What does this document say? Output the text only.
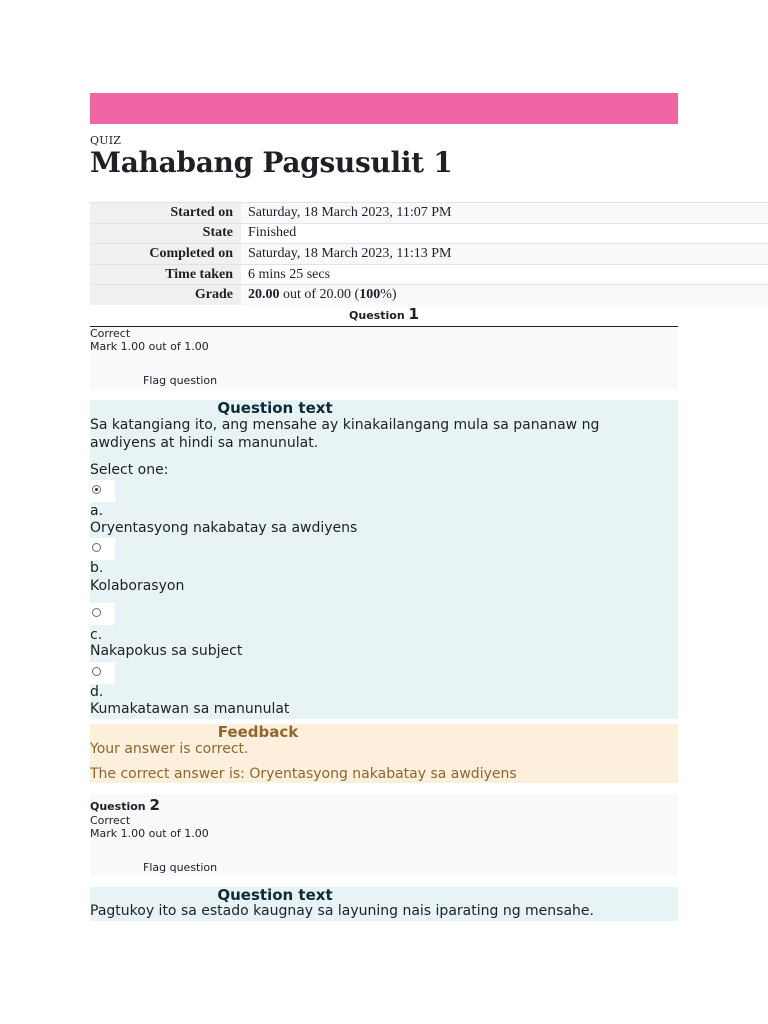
QUIZ
Mahabang Pagsusulit 1
Started on	Saturday, 18 March 2023, 11:07 PM
State	Finished
Completed on	Saturday, 18 March 2023, 11:13 PM
Time taken	6 mins 25 secs
Grade	20.00 out of 20.00 (100%)
Question 1
Correct
Mark 1.00 out of 1.00
Flag question
Question text
Sa katangiang ito, ang mensahe ay kinakailangang mula sa pananaw ng awdiyens at hindi sa manunulat.
Select one:
a.
Oryentasyong nakabatay sa awdiyens
b.
Kolaborasyon
c.
Nakapokus sa subject
d.
Kumakatawan sa manunulat
Feedback
Your answer is correct.
The correct answer is: Oryentasyong nakabatay sa awdiyens
Question 2
Correct
Mark 1.00 out of 1.00
Flag question
Question text
Pagtukoy ito sa estado kaugnay sa layuning nais iparating ng mensahe.
